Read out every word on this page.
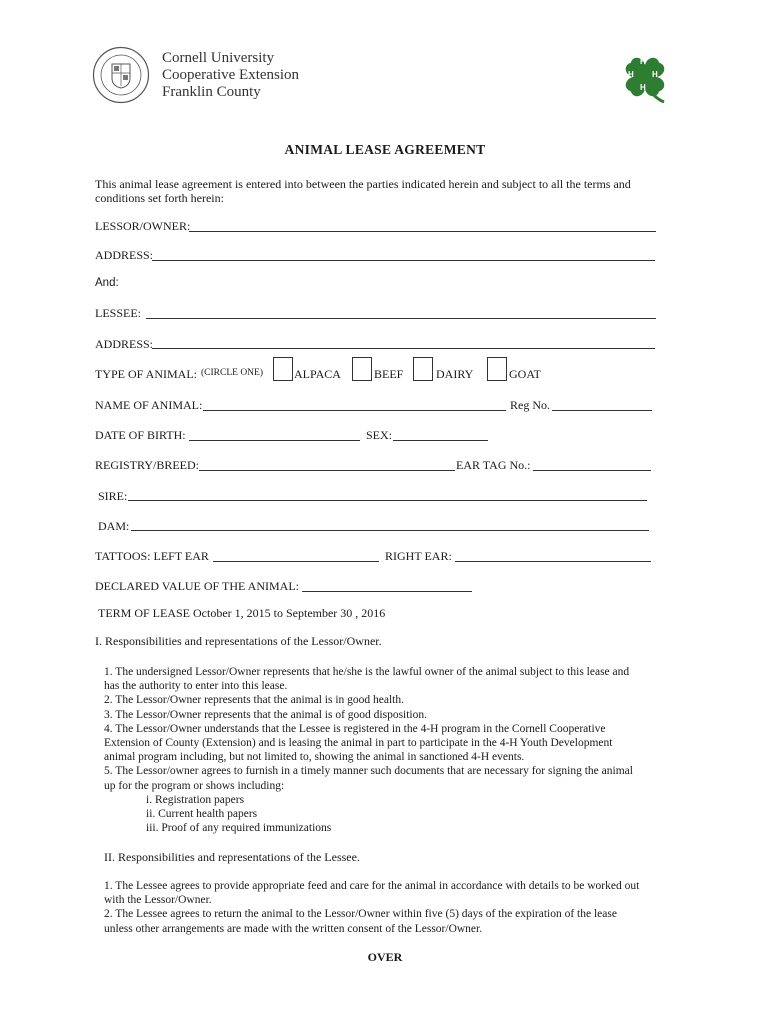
Cornell University
Cooperative Extension
Franklin County
H
H
H
H
ANIMAL LEASE AGREEMENT
This animal lease agreement is entered into between the parties indicated herein and subject to all the terms and conditions set forth herein:
LESSOR/OWNER:
ADDRESS:
And:
LESSEE:
ADDRESS:
TYPE OF ANIMAL: (CIRCLE ONE)	ALPACA	BEEF	DAIRY	GOAT
NAME OF ANIMAL:	Reg No.
DATE OF BIRTH:	SEX:
REGISTRY/BREED:	EAR TAG No.:
SIRE:
DAM:
TATTOOS: LEFT EAR	RIGHT EAR:
DECLARED VALUE OF THE ANIMAL:
TERM OF LEASE October 1, 2015 to September 30 , 2016
I. Responsibilities and representations of the Lessor/Owner.
1. The undersigned Lessor/Owner represents that he/she is the lawful owner of the animal subject to this lease and
has the authority to enter into this lease.
2. The Lessor/Owner represents that the animal is in good health.
3. The Lessor/Owner represents that the animal is of good disposition.
4. The Lessor/Owner understands that the Lessee is registered in the 4-H program in the Cornell Cooperative
Extension of County (Extension) and is leasing the animal in part to participate in the 4-H Youth Development
animal program including, but not limited to, showing the animal in sanctioned 4-H events.
5. The Lessor/owner agrees to furnish in a timely manner such documents that are necessary for signing the animal
up for the program or shows including:
i. Registration papers
ii. Current health papers
iii. Proof of any required immunizations
II. Responsibilities and representations of the Lessee.
1. The Lessee agrees to provide appropriate feed and care for the animal in accordance with details to be worked out
with the Lessor/Owner.
2. The Lessee agrees to return the animal to the Lessor/Owner within five (5) days of the expiration of the lease
unless other arrangements are made with the written consent of the Lessor/Owner.
OVER
